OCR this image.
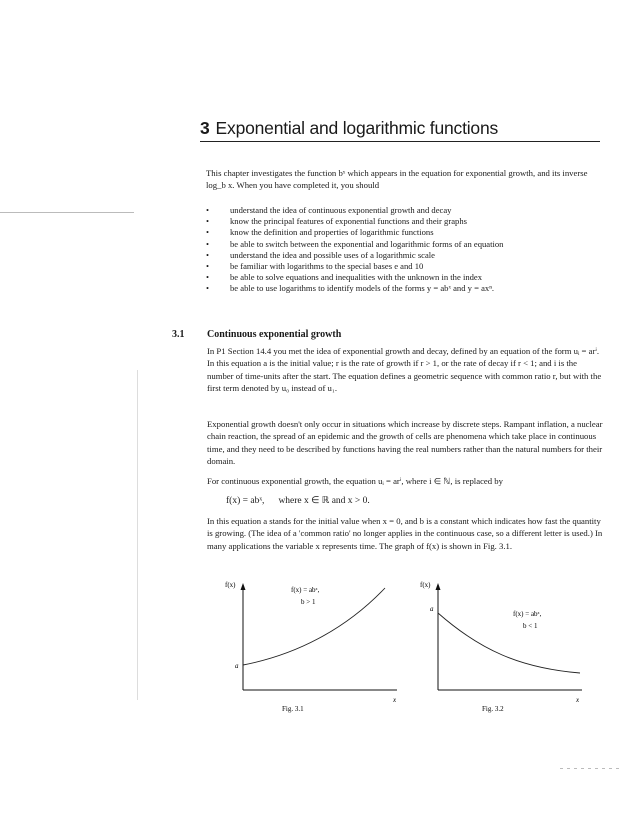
3 Exponential and logarithmic functions
This chapter investigates the function bˣ which appears in the equation for exponential growth, and its inverse log_b x. When you have completed it, you should
•	understand the idea of continuous exponential growth and decay
•	know the principal features of exponential functions and their graphs
•	know the definition and properties of logarithmic functions
•	be able to switch between the exponential and logarithmic forms of an equation
•	understand the idea and possible uses of a logarithmic scale
•	be familiar with logarithms to the special bases e and 10
•	be able to solve equations and inequalities with the unknown in the index
•	be able to use logarithms to identify models of the forms y = abˣ and y = axⁿ.
3.1 Continuous exponential growth
In P1 Section 14.4 you met the idea of exponential growth and decay, defined by an equation of the form uᵢ = arⁱ. In this equation a is the initial value; r is the rate of growth if r > 1, or the rate of decay if r < 1; and i is the number of time-units after the start. The equation defines a geometric sequence with common ratio r, but with the first term denoted by u₀ instead of u₁.
Exponential growth doesn't only occur in situations which increase by discrete steps. Rampant inflation, a nuclear chain reaction, the spread of an epidemic and the growth of cells are phenomena which take place in continuous time, and they need to be described by functions having the real numbers rather than the natural numbers for their domain.
For continuous exponential growth, the equation uᵢ = arⁱ, where i ∈ ℕ, is replaced by
f(x) = abˣ, where x ∈ ℝ and x > 0.
In this equation a stands for the initial value when x = 0, and b is a constant which indicates how fast the quantity is growing. (The idea of a 'common ratio' no longer applies in the continuous case, so a different letter is used.) In many applications the variable x represents time. The graph of f(x) is shown in Fig. 3.1.
f(x)
x
a
f(x) = abˣ,
b > 1
Fig. 3.1
f(x)
x
a
f(x) = abˣ,
b < 1
Fig. 3.2
